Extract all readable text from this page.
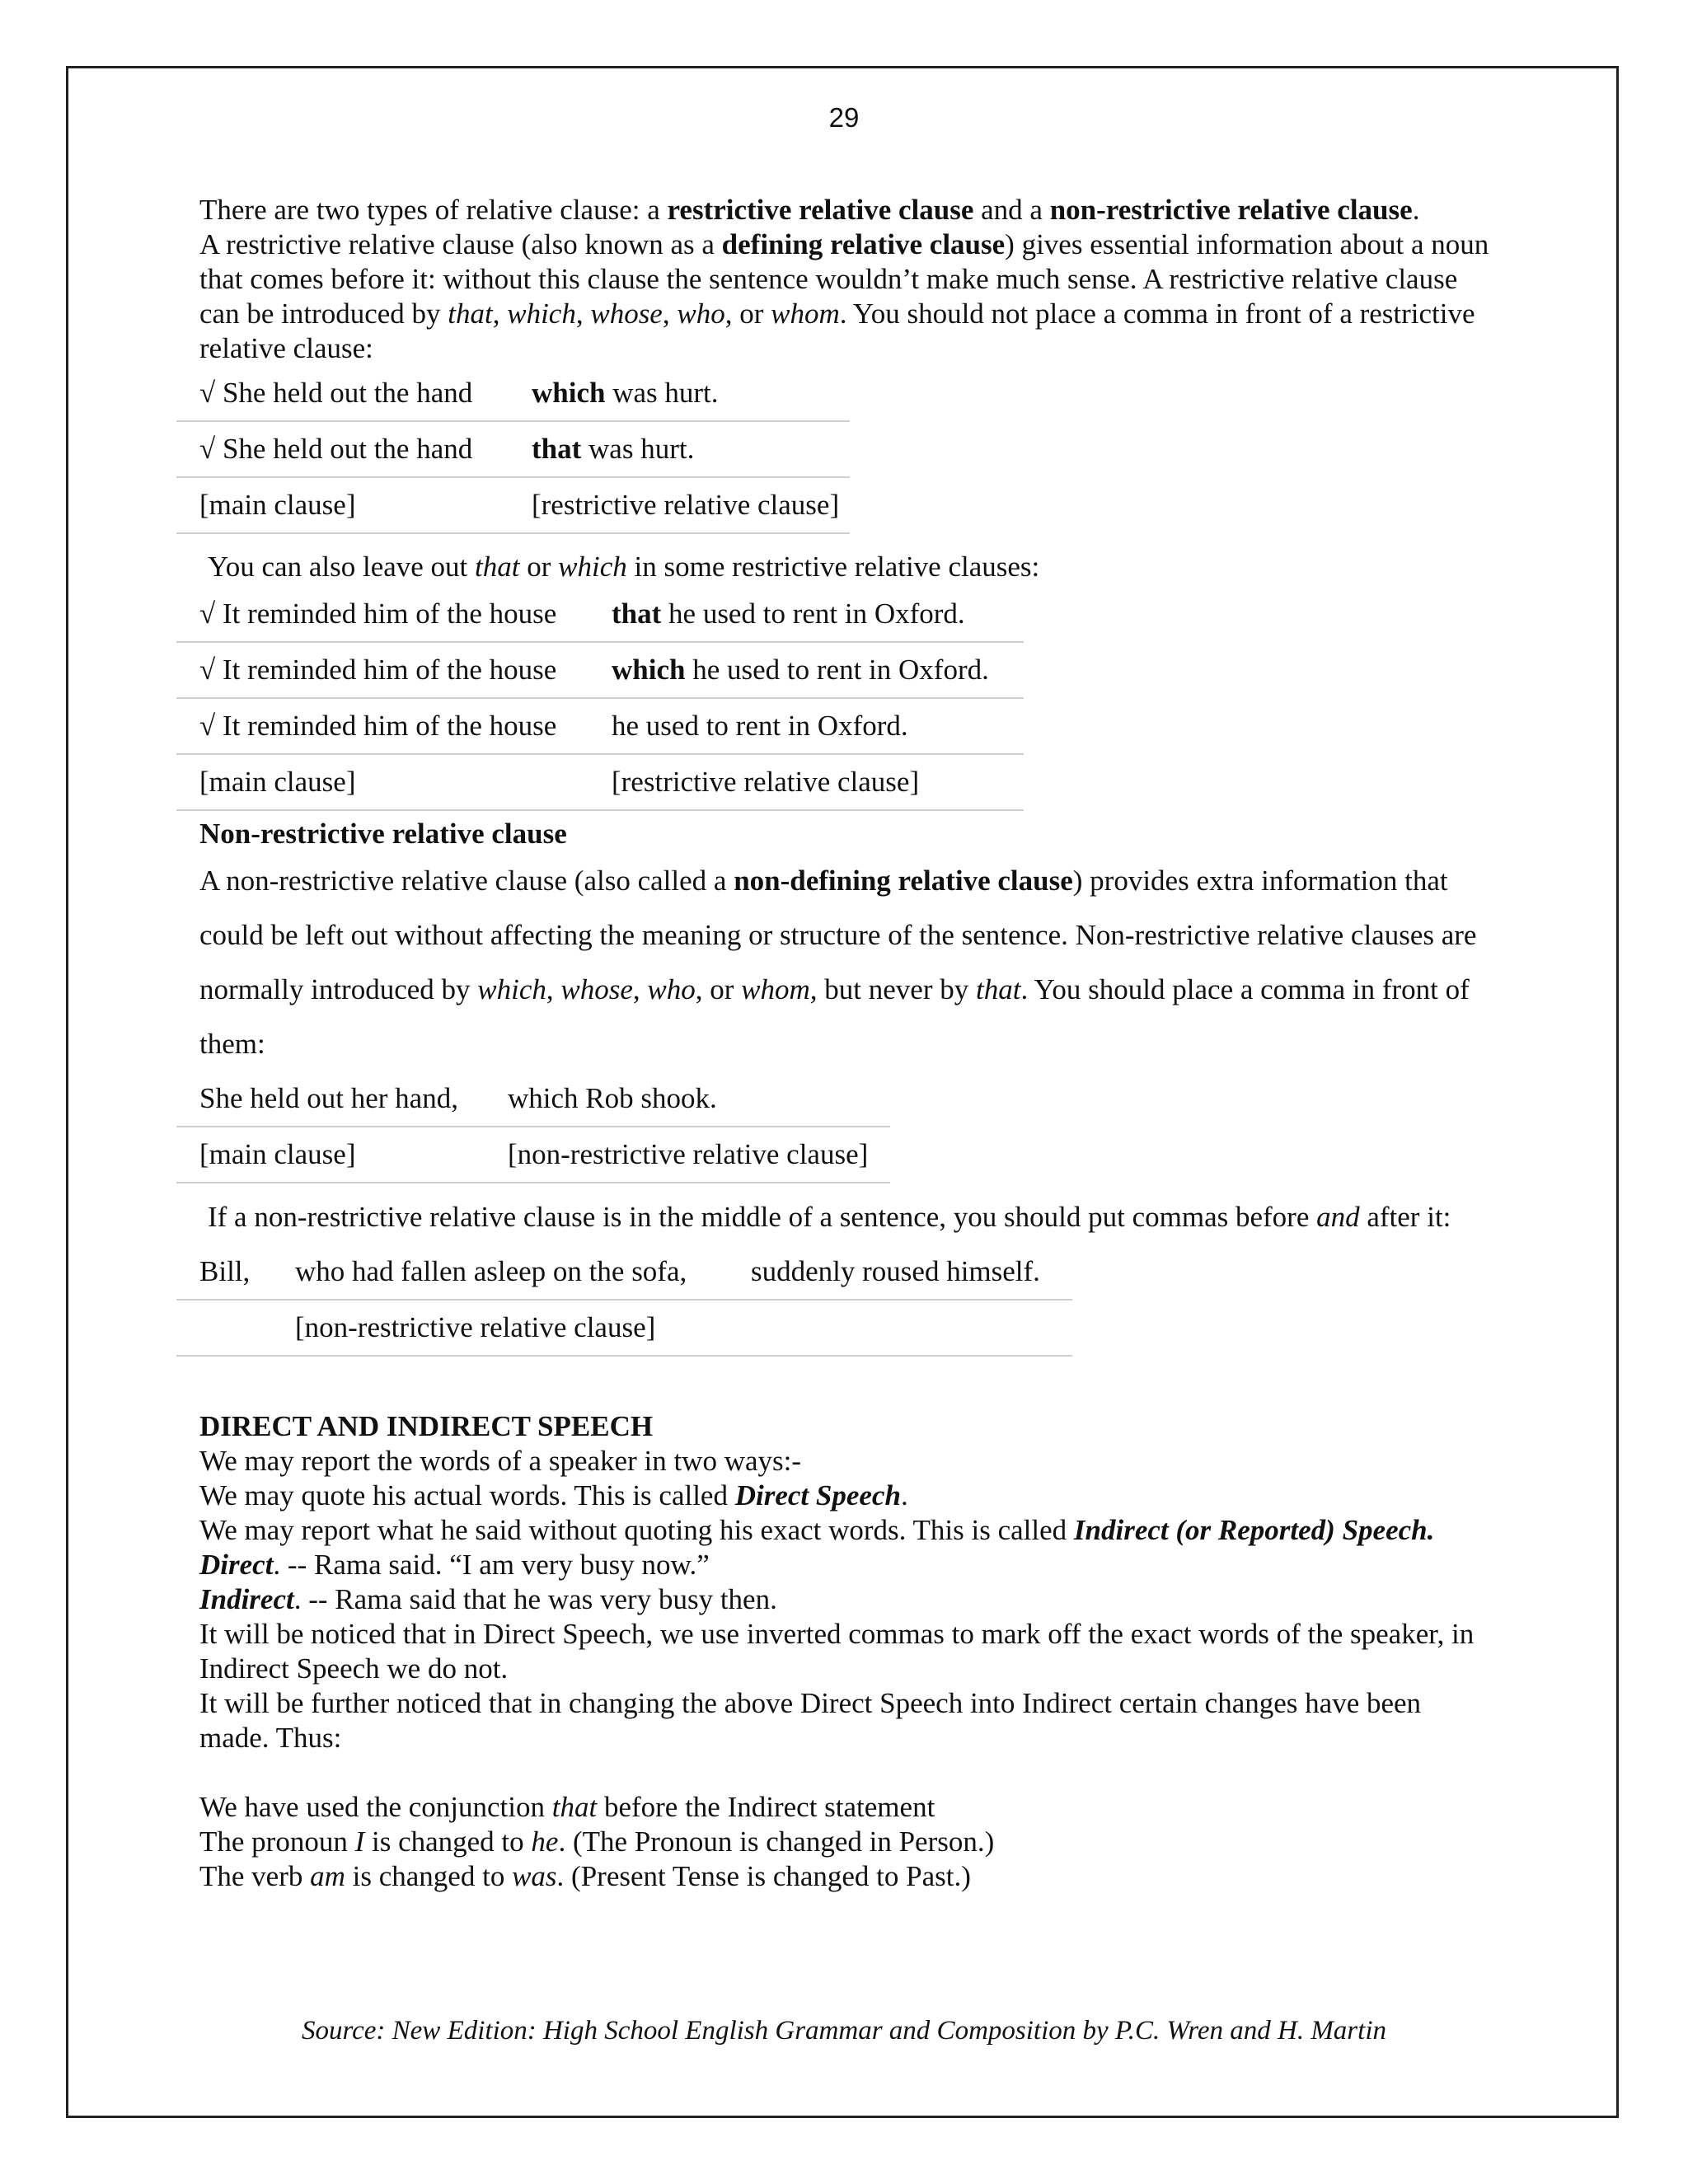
29

There are two types of relative clause: a restrictive relative clause and a non-restrictive relative clause.
A restrictive relative clause (also known as a defining relative clause) gives essential information about a noun that comes before it: without this clause the sentence wouldn’t make much sense. A restrictive relative clause can be introduced by that, which, whose, who, or whom. You should not place a comma in front of a restrictive relative clause:

√ She held out the hand	which was hurt.
√ She held out the hand	that was hurt.
[main clause]	[restrictive relative clause]

You can also leave out that or which in some restrictive relative clauses:

√ It reminded him of the house	that he used to rent in Oxford.
√ It reminded him of the house	which he used to rent in Oxford.
√ It reminded him of the house	he used to rent in Oxford.
[main clause]	[restrictive relative clause]

Non-restrictive relative clause

A non-restrictive relative clause (also called a non-defining relative clause) provides extra information that could be left out without affecting the meaning or structure of the sentence. Non-restrictive relative clauses are normally introduced by which, whose, who, or whom, but never by that. You should place a comma in front of them:

She held out her hand,	which Rob shook.
[main clause]	[non-restrictive relative clause]

If a non-restrictive relative clause is in the middle of a sentence, you should put commas before and after it:

Bill,	who had fallen asleep on the sofa,	suddenly roused himself.
	[non-restrictive relative clause]	

DIRECT AND INDIRECT SPEECH

We may report the words of a speaker in two ways:-

We may quote his actual words. This is called Direct Speech.

We may report what he said without quoting his exact words. This is called Indirect (or Reported) Speech.

Direct. -- Rama said. “I am very busy now.”

Indirect. -- Rama said that he was very busy then.

It will be noticed that in Direct Speech, we use inverted commas to mark off the exact words of the speaker, in Indirect Speech we do not.

It will be further noticed that in changing the above Direct Speech into Indirect certain changes have been made. Thus:

We have used the conjunction that before the Indirect statement

The pronoun I is changed to he. (The Pronoun is changed in Person.)

The verb am is changed to was. (Present Tense is changed to Past.)

Source: New Edition: High School English Grammar and Composition by P.C. Wren and H. Martin
